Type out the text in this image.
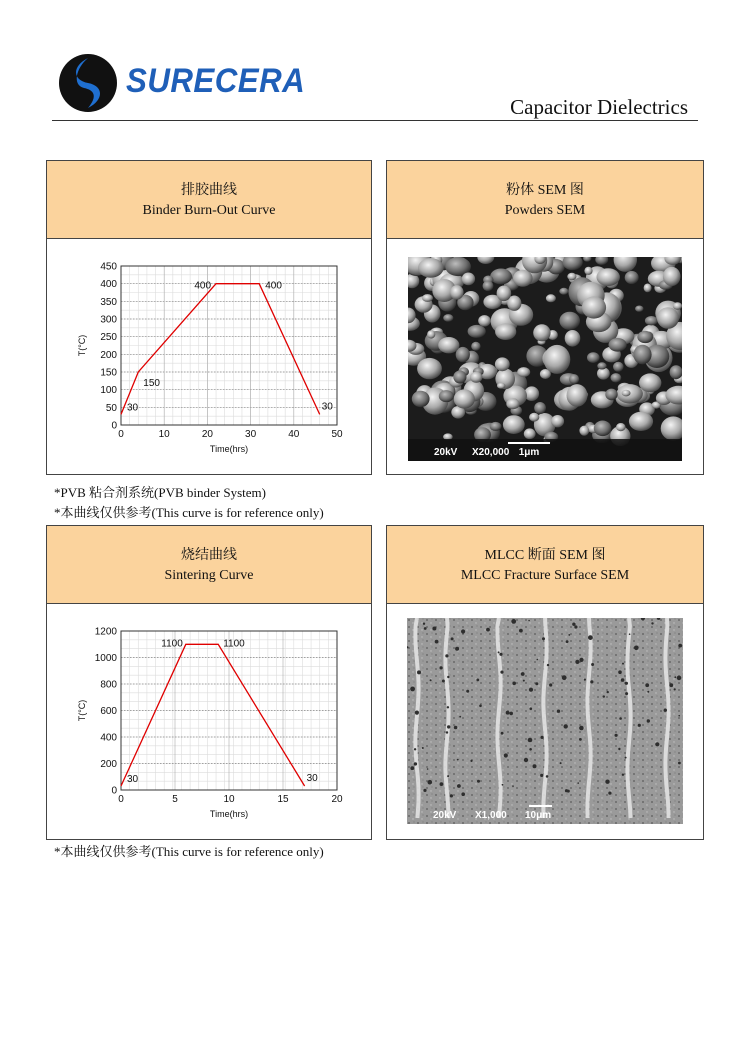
SURECERA
Capacitor Dielectrics
排胶曲线
Binder Burn-Out Curve
0
50
100
150
200
250
300
350
400
450
0	10	20	30	40	50
Time(hrs)
T(°C)
30
150
400	400
30
粉体 SEM 图
Powders SEM
20kV X20,000 1μm
*PVB 粘合剂系统(PVB binder System)
*本曲线仅供参考(This curve is for reference only)
烧结曲线
Sintering Curve
0
200
400
600
800
1000
1200
0	5	10	15	20
Time(hrs)
T(°C)
30
1100	1100
30
MLCC 断面 SEM 图
MLCC Fracture Surface SEM
20kV X1,000 10μm
*本曲线仅供参考(This curve is for reference only)
